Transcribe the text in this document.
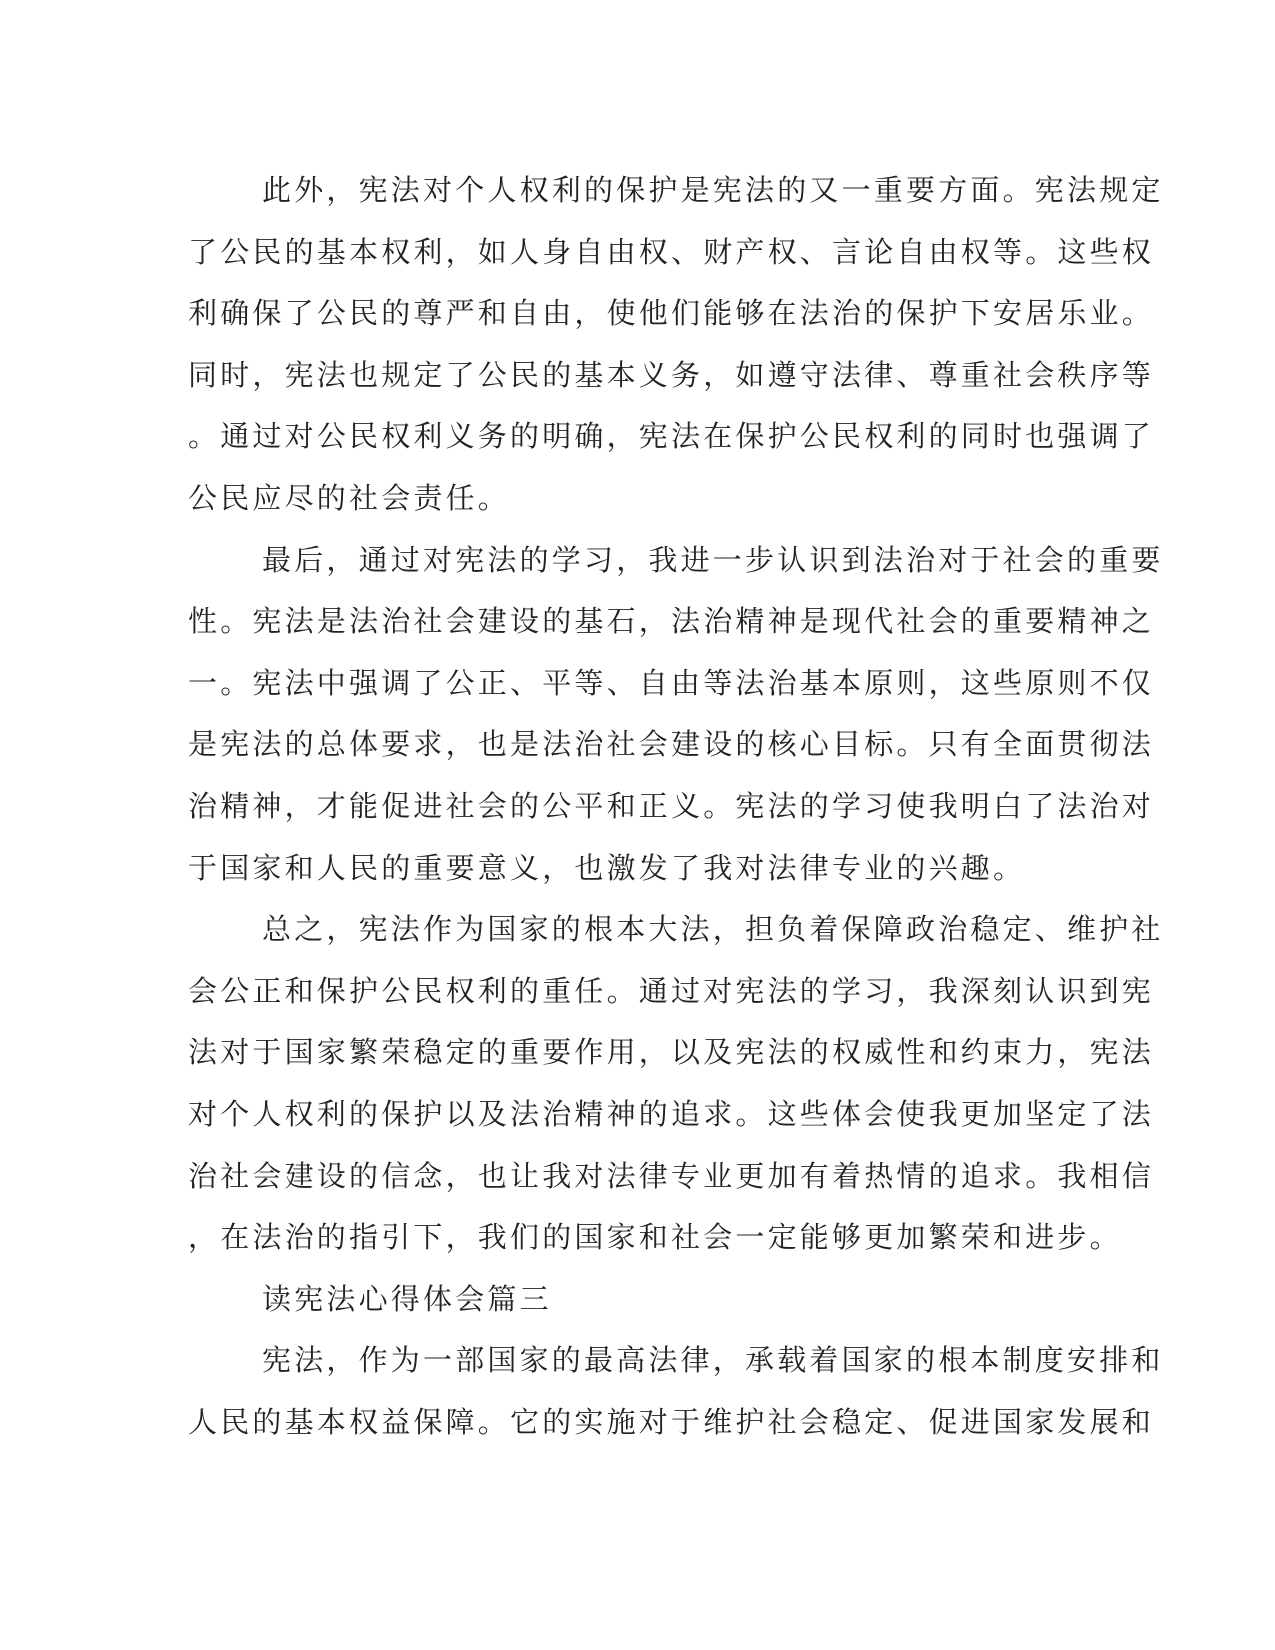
此外，宪法对个人权利的保护是宪法的又一重要方面。宪法规定
了公民的基本权利，如人身自由权、财产权、言论自由权等。这些权
利确保了公民的尊严和自由，使他们能够在法治的保护下安居乐业。
同时，宪法也规定了公民的基本义务，如遵守法律、尊重社会秩序等
。通过对公民权利义务的明确，宪法在保护公民权利的同时也强调了
公民应尽的社会责任。
最后，通过对宪法的学习，我进一步认识到法治对于社会的重要
性。宪法是法治社会建设的基石，法治精神是现代社会的重要精神之
一。宪法中强调了公正、平等、自由等法治基本原则，这些原则不仅
是宪法的总体要求，也是法治社会建设的核心目标。只有全面贯彻法
治精神，才能促进社会的公平和正义。宪法的学习使我明白了法治对
于国家和人民的重要意义，也激发了我对法律专业的兴趣。
总之，宪法作为国家的根本大法，担负着保障政治稳定、维护社
会公正和保护公民权利的重任。通过对宪法的学习，我深刻认识到宪
法对于国家繁荣稳定的重要作用，以及宪法的权威性和约束力，宪法
对个人权利的保护以及法治精神的追求。这些体会使我更加坚定了法
治社会建设的信念，也让我对法律专业更加有着热情的追求。我相信
，在法治的指引下，我们的国家和社会一定能够更加繁荣和进步。
读宪法心得体会篇三
宪法，作为一部国家的最高法律，承载着国家的根本制度安排和
人民的基本权益保障。它的实施对于维护社会稳定、促进国家发展和
